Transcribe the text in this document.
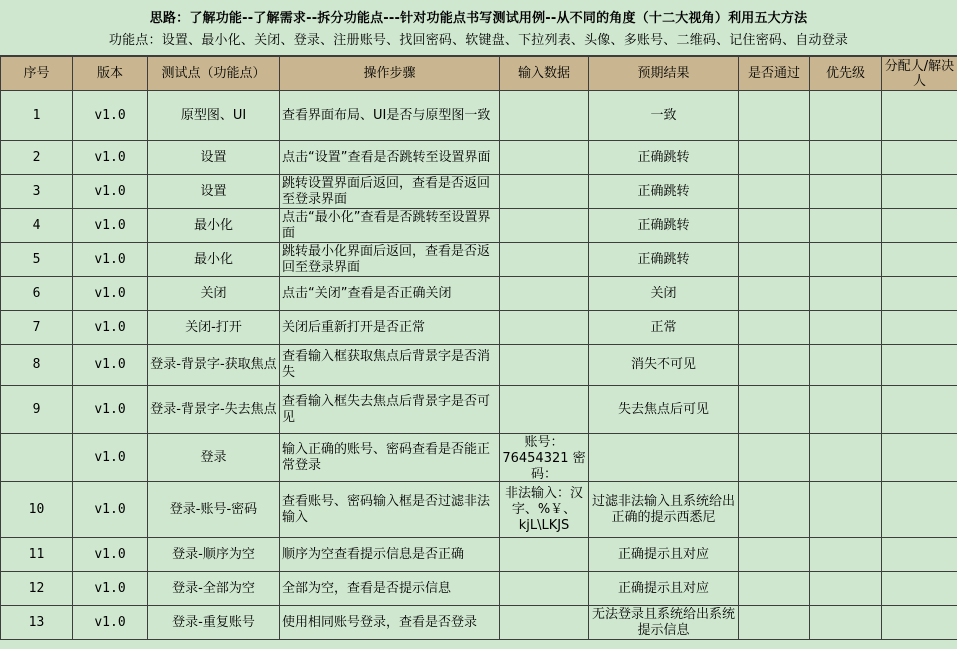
思路：了解功能--了解需求--拆分功能点---针对功能点书写测试用例--从不同的角度（十二大视角）利用五大方法
功能点：设置、最小化、关闭、登录、注册账号、找回密码、软键盘、下拉列表、头像、多账号、二维码、记住密码、自动登录
序号	版本	测试点（功能点）	操作步骤	输入数据	预期结果	是否通过	优先级	分配人/解决人

1	v1.0	原型图、UI	查看界面布局、UI是否与原型图一致		一致			

2	v1.0	设置	点击“设置”查看是否跳转至设置界面		正确跳转			

3	v1.0	设置	跳转设置界面后返回，查看是否返回至登录界面		正确跳转			

4	v1.0	最小化	点击“最小化”查看是否跳转至设置界面		正确跳转			

5	v1.0	最小化	跳转最小化界面后返回，查看是否返回至登录界面		正确跳转			

6	v1.0	关闭	点击“关闭”查看是否正确关闭		关闭			

7	v1.0	关闭-打开	关闭后重新打开是否正常		正常			

8	v1.0	登录-背景字-获取焦点	查看输入框获取焦点后背景字是否消失		消失不可见			

9	v1.0	登录-背景字-失去焦点	查看输入框失去焦点后背景字是否可见		失去焦点后可见			

	v1.0	登录	输入正确的账号、密码查看是否能正常登录	账号：76454321 密码：				

10	v1.0	登录-账号-密码	查看账号、密码输入框是否过滤非法输入	非法输入：汉字、%￥、kjL\LKJS	过滤非法输入且系统给出正确的提示西悉尼			

11	v1.0	登录-顺序为空	顺序为空查看提示信息是否正确		正确提示且对应			

12	v1.0	登录-全部为空	全部为空，查看是否提示信息		正确提示且对应			

13	v1.0	登录-重复账号	使用相同账号登录，查看是否登录		无法登录且系统给出系统提示信息			
